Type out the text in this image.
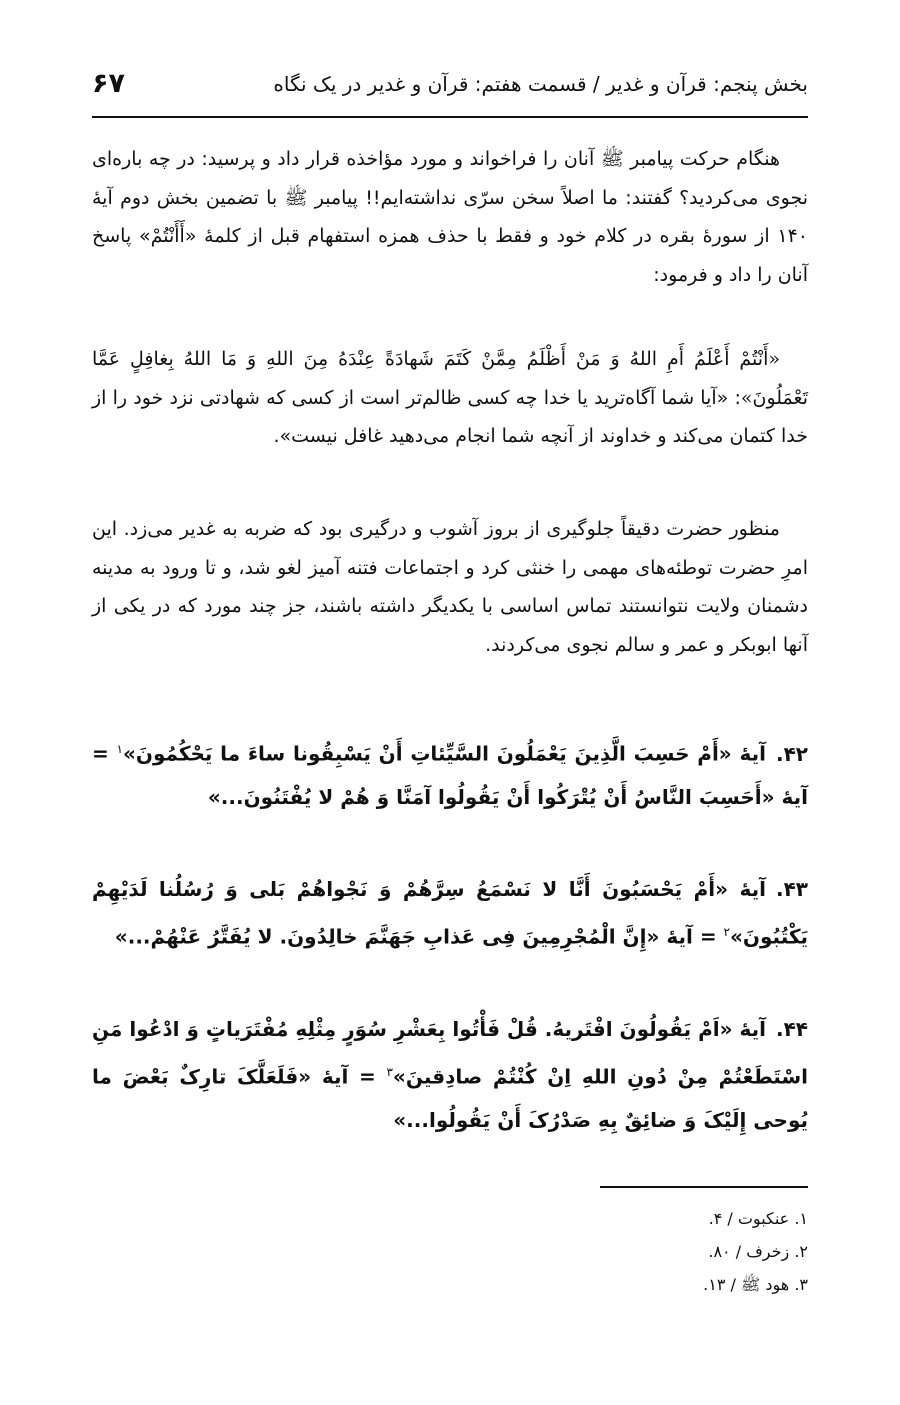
بخش پنجم: قرآن و غدیر / قسمت هفتم: قرآن و غدیر در یک نگاه
۶۷

هنگام حرکت پیامبر ﷺ آنان را فراخواند و مورد مؤاخذه قرار داد و پرسید: در چه باره‌ای نجوی می‌کردید؟ گفتند: ما اصلاً سخن سرّی نداشته‌ایم!! پیامبر ﷺ با تضمین بخش دوم آیهٔ ۱۴۰ از سورهٔ بقره در کلام خود و فقط با حذف همزه استفهام قبل از کلمهٔ «أَأَنْتُمْ» پاسخ آنان را داد و فرمود:

«أَنْتُمْ أَعْلَمُ أَمِ اللهُ وَ مَنْ أَظْلَمُ مِمَّنْ کَتَمَ شَهادَةً عِنْدَهُ مِنَ اللهِ وَ مَا اللهُ بِغافِلٍ عَمَّا تَعْمَلُونَ»: «آیا شما آگاه‌ترید یا خدا چه کسی ظالم‌تر است از کسی که شهادتی نزد خود را از خدا کتمان می‌کند و خداوند از آنچه شما انجام می‌دهید غافل نیست».

منظور حضرت دقیقاً جلوگیری از بروز آشوب و درگیری بود که ضربه به غدیر می‌زد. این امرِ حضرت توطئه‌های مهمی را خنثی کرد و اجتماعات فتنه آمیز لغو شد، و تا ورود به مدینه دشمنان ولایت نتوانستند تماس اساسی با یکدیگر داشته باشند، جز چند مورد که در یکی از آنها ابوبکر و عمر و سالم نجوی می‌کردند.

۴۲.آیهٔ «أَمْ حَسِبَ الَّذِینَ یَعْمَلُونَ السَّیِّئاتِ أَنْ یَسْبِقُونا ساءَ ما یَحْکُمُونَ»$^۱$ = آیهٔ «أَحَسِبَ النَّاسُ أَنْ یُتْرَکُوا أَنْ یَقُولُوا آمَنَّا وَ هُمْ لا یُفْتَنُونَ...»
۴۳.آیهٔ «أَمْ یَحْسَبُونَ أَنَّا لا نَسْمَعُ سِرَّهُمْ وَ نَجْواهُمْ بَلی وَ رُسُلُنا لَدَیْهِمْ یَکْتُبُونَ»$^۲$ = آیهٔ «إِنَّ الْمُجْرِمِینَ فِی عَذابِ جَهَنَّمَ خالِدُونَ. لا یُفَتَّرُ عَنْهُمْ...»
۴۴.آیهٔ «اَمْ یَقُولُونَ افْتَریهُ. قُلْ فَأْتُوا بِعَشْرِ سُوَرٍ مِثْلِهِ مُفْتَرَیاتٍ وَ ادْعُوا مَنِ اسْتَطَعْتُمْ مِنْ دُونِ اللهِ اِنْ کُنْتُمْ صادِقینَ»$^۳$ = آیهٔ «فَلَعَلَّکَ تارِکٌ بَعْضَ ما یُوحی إِلَیْکَ وَ ضائِقٌ بِهِ صَدْرُکَ أَنْ یَقُولُوا...»
۱. عنکبوت / ۴.
۲. زخرف / ۸۰.
۳. هود ﷺ / ۱۳.
